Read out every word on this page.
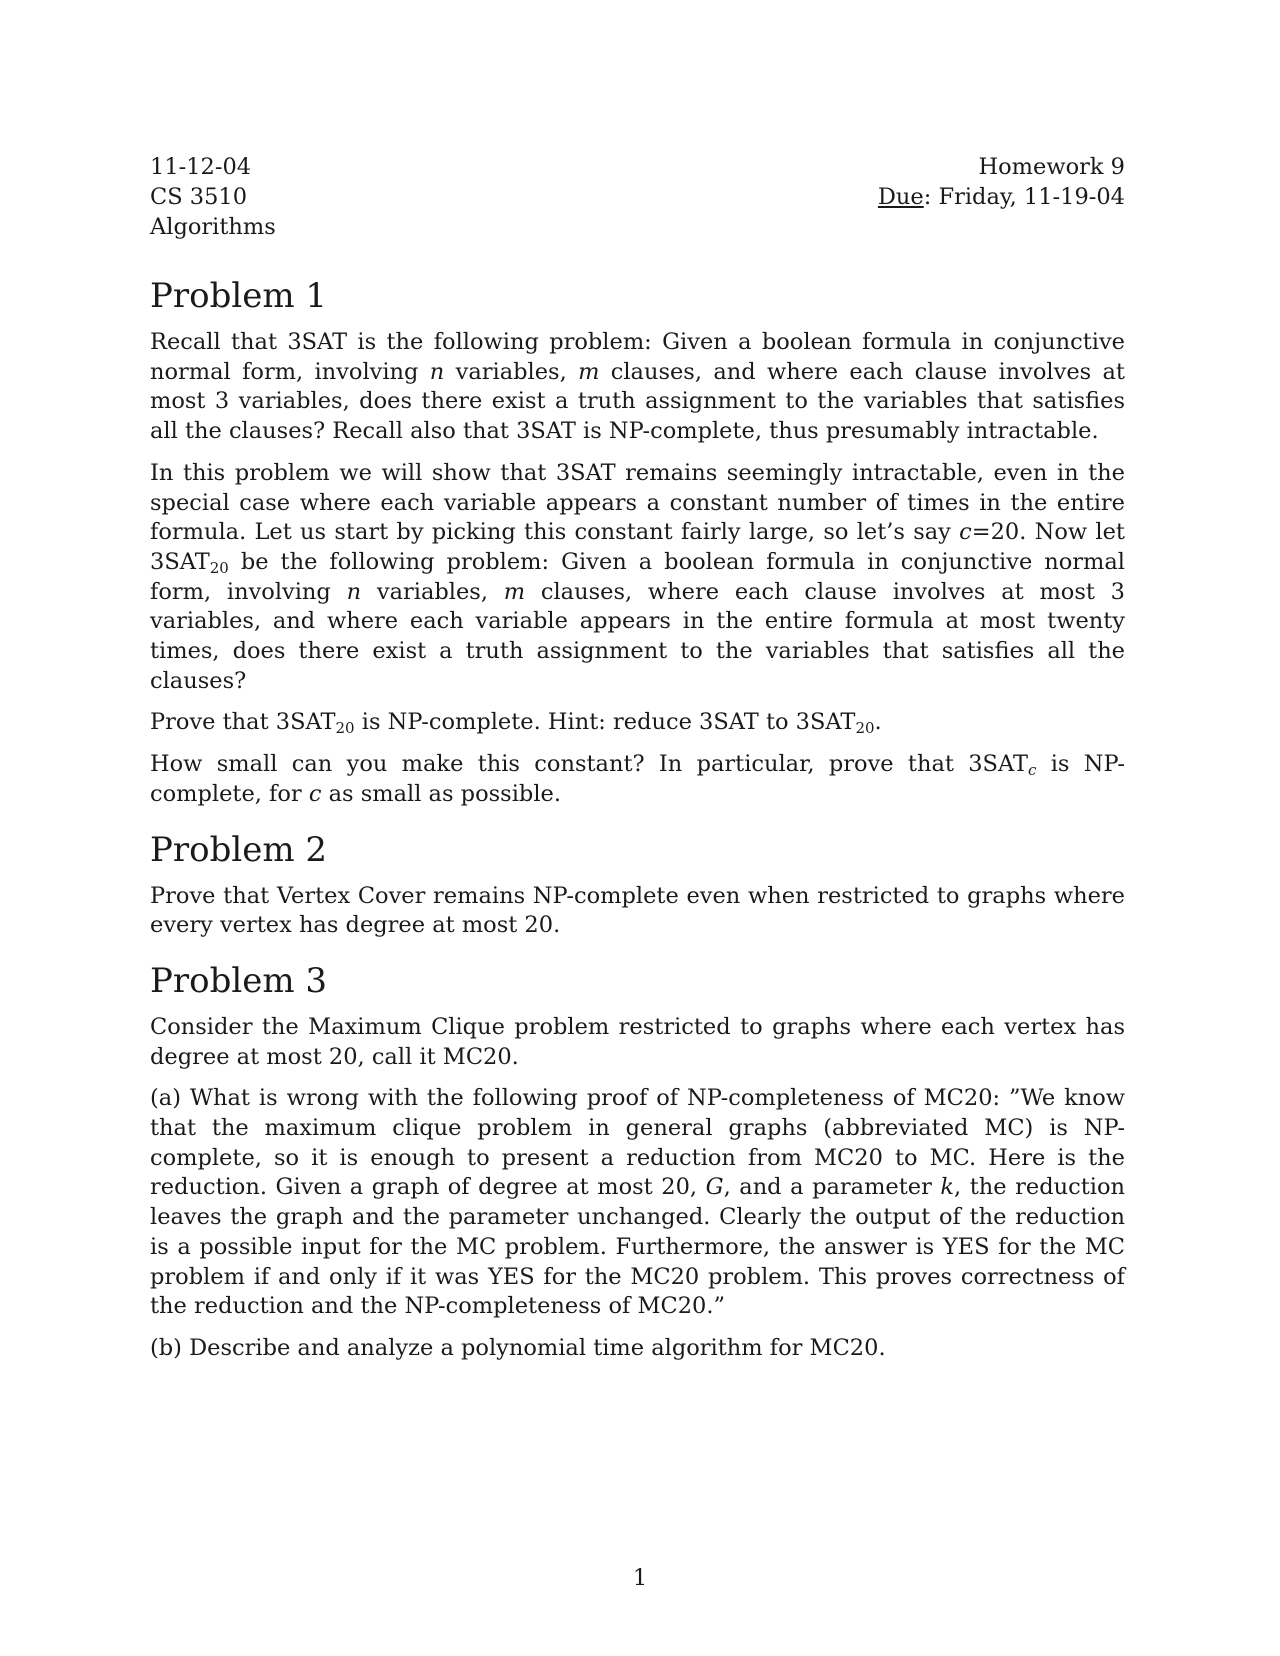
11-12-04
CS 3510
Algorithms
Homework 9
Due: Friday, 11-19-04
Problem 1

Recall that 3SAT is the following problem: Given a boolean formula in conjunctive normal form, involving n variables, m clauses, and where each clause involves at most 3 variables, does there exist a truth assignment to the variables that satisfies all the clauses? Recall also that 3SAT is NP-complete, thus presumably intractable.

In this problem we will show that 3SAT remains seemingly intractable, even in the special case where each variable appears a constant number of times in the entire formula. Let us start by picking this constant fairly large, so let’s say c=20. Now let $3SAT_{20}$ be the following problem: Given a boolean formula in conjunctive normal form, involving n variables, m clauses, where each clause involves at most 3 variables, and where each variable appears in the entire formula at most twenty times, does there exist a truth assignment to the variables that satisfies all the clauses?

Prove that $3SAT_{20}$ is NP-complete. Hint: reduce 3SAT to $3SAT_{20}$.

How small can you make this constant? In particular, prove that $3SAT_c$ is NP-complete, for c as small as possible.

Problem 2

Prove that Vertex Cover remains NP-complete even when restricted to graphs where every vertex has degree at most 20.

Problem 3

Consider the Maximum Clique problem restricted to graphs where each vertex has degree at most 20, call it MC20.

(a) What is wrong with the following proof of NP-completeness of MC20: ”We know that the maximum clique problem in general graphs (abbreviated MC) is NP-complete, so it is enough to present a reduction from MC20 to MC. Here is the reduction. Given a graph of degree at most 20, G, and a parameter k, the reduction leaves the graph and the parameter unchanged. Clearly the output of the reduction is a possible input for the MC problem. Furthermore, the answer is YES for the MC problem if and only if it was YES for the MC20 problem. This proves correctness of the reduction and the NP-completeness of MC20.”

(b) Describe and analyze a polynomial time algorithm for MC20.

1
